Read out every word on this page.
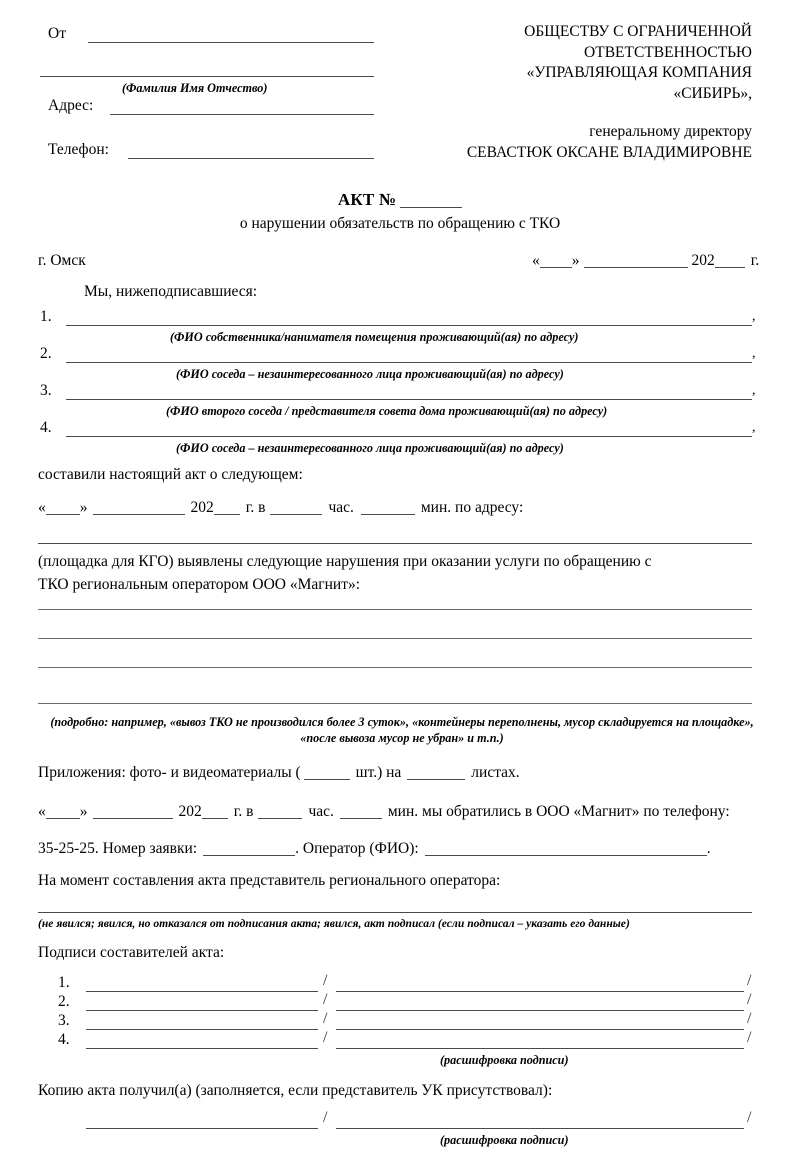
От
(Фамилия Имя Отчество)
Адрес:
Телефон:
ОБЩЕСТВУ С ОГРАНИЧЕННОЙ
ОТВЕТСТВЕННОСТЬЮ
«УПРАВЛЯЮЩАЯ КОМПАНИЯ
«СИБИРЬ»,
генеральному директору
СЕВАСТЮК ОКСАНЕ ВЛАДИМИРОВНЕ
АКТ №
о нарушении обязательств по обращению с ТКО
г. Омск	« »	202 г.
Мы, нижеподписавшиеся:
1.	,
(ФИО собственника/нанимателя помещения проживающий(ая) по адресу)
2.	,
(ФИО соседа – незаинтересованного лица проживающий(ая) по адресу)
3.	,
(ФИО второго соседа / представителя совета дома проживающий(ая) по адресу)
4.	,
(ФИО соседа – незаинтересованного лица проживающий(ая) по адресу)
составили настоящий акт о следующем:
« »	202 г. в	час.	мин. по адресу:
(площадка для КГО) выявлены следующие нарушения при оказании услуги по обращению с
ТКО региональным оператором ООО «Магнит»:
(подробно: например, «вывоз ТКО не производился более 3 суток», «контейнеры переполнены, мусор складируется на площадке», «после вывоза мусор не убран» и т.п.)
Приложения: фото- и видеоматериалы (	шт.) на	листах.
« »	202 г. в	час.	мин. мы обратились в ООО «Магнит» по телефону:
35-25-25. Номер заявки:	. Оператор (ФИО):	.
На момент составления акта представитель регионального оператора:
(не явился; явился, но отказался от подписания акта; явился, акт подписал (если подписал – указать его данные)
Подписи составителей акта:
1.	/	/
2.	/	/
3.	/	/
4.	/	/
(расшифровка подписи)
Копию акта получил(а) (заполняется, если представитель УК присутствовал):
/	/
(расшифровка подписи)
